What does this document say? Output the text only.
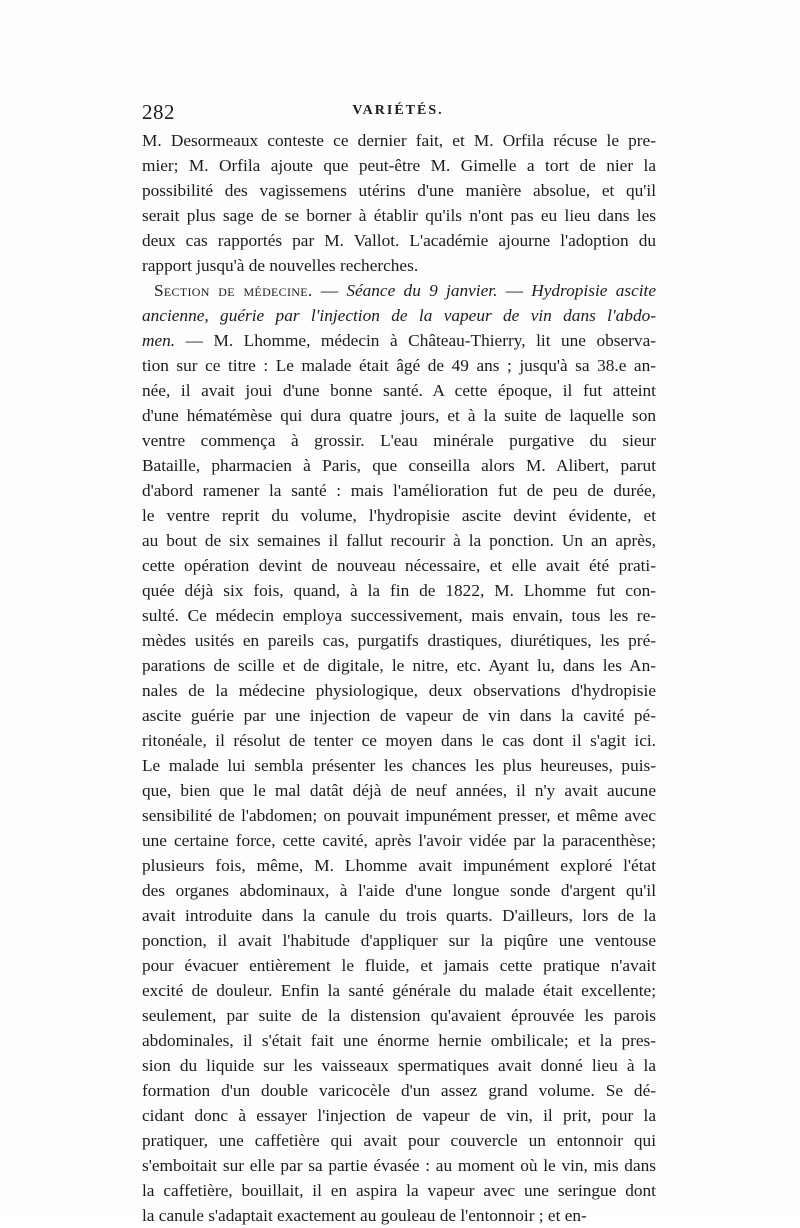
282	VARIÉTÉS.
M. Desormeaux conteste ce dernier fait, et M. Orfila récuse le pre-
mier; M. Orfila ajoute que peut-être M. Gimelle a tort de nier la
possibilité des vagissemens utérins d'une manière absolue, et qu'il
serait plus sage de se borner à établir qu'ils n'ont pas eu lieu dans les
deux cas rapportés par M. Vallot. L'académie ajourne l'adoption du
rapport jusqu'à de nouvelles recherches.
Section de médecine. — Séance du 9 janvier. — Hydropisie ascite
ancienne, guérie par l'injection de la vapeur de vin dans l'abdo-
men. — M. Lhomme, médecin à Château-Thierry, lit une observa-
tion sur ce titre : Le malade était âgé de 49 ans ; jusqu'à sa 38.e an-
née, il avait joui d'une bonne santé. A cette époque, il fut atteint
d'une hématémèse qui dura quatre jours, et à la suite de laquelle son
ventre commença à grossir. L'eau minérale purgative du sieur
Bataille, pharmacien à Paris, que conseilla alors M. Alibert, parut
d'abord ramener la santé : mais l'amélioration fut de peu de durée,
le ventre reprit du volume, l'hydropisie ascite devint évidente, et
au bout de six semaines il fallut recourir à la ponction. Un an après,
cette opération devint de nouveau nécessaire, et elle avait été prati-
quée déjà six fois, quand, à la fin de 1822, M. Lhomme fut con-
sulté. Ce médecin employa successivement, mais envain, tous les re-
mèdes usités en pareils cas, purgatifs drastiques, diurétiques, les pré-
parations de scille et de digitale, le nitre, etc. Ayant lu, dans les An-
nales de la médecine physiologique, deux observations d'hydropisie
ascite guérie par une injection de vapeur de vin dans la cavité pé-
ritonéale, il résolut de tenter ce moyen dans le cas dont il s'agit ici.
Le malade lui sembla présenter les chances les plus heureuses, puis-
que, bien que le mal datât déjà de neuf années, il n'y avait aucune
sensibilité de l'abdomen; on pouvait impunément presser, et même avec
une certaine force, cette cavité, après l'avoir vidée par la paracenthèse;
plusieurs fois, même, M. Lhomme avait impunément exploré l'état
des organes abdominaux, à l'aide d'une longue sonde d'argent qu'il
avait introduite dans la canule du trois quarts. D'ailleurs, lors de la
ponction, il avait l'habitude d'appliquer sur la piqûre une ventouse
pour évacuer entièrement le fluide, et jamais cette pratique n'avait
excité de douleur. Enfin la santé générale du malade était excellente;
seulement, par suite de la distension qu'avaient éprouvée les parois
abdominales, il s'était fait une énorme hernie ombilicale; et la pres-
sion du liquide sur les vaisseaux spermatiques avait donné lieu à la
formation d'un double varicocèle d'un assez grand volume. Se dé-
cidant donc à essayer l'injection de vapeur de vin, il prit, pour la
pratiquer, une caffetière qui avait pour couvercle un entonnoir qui
s'emboitait sur elle par sa partie évasée : au moment où le vin, mis dans
la caffetière, bouillait, il en aspira la vapeur avec une seringue dont
la canule s'adaptait exactement au gouleau de l'entonnoir ; et en-
